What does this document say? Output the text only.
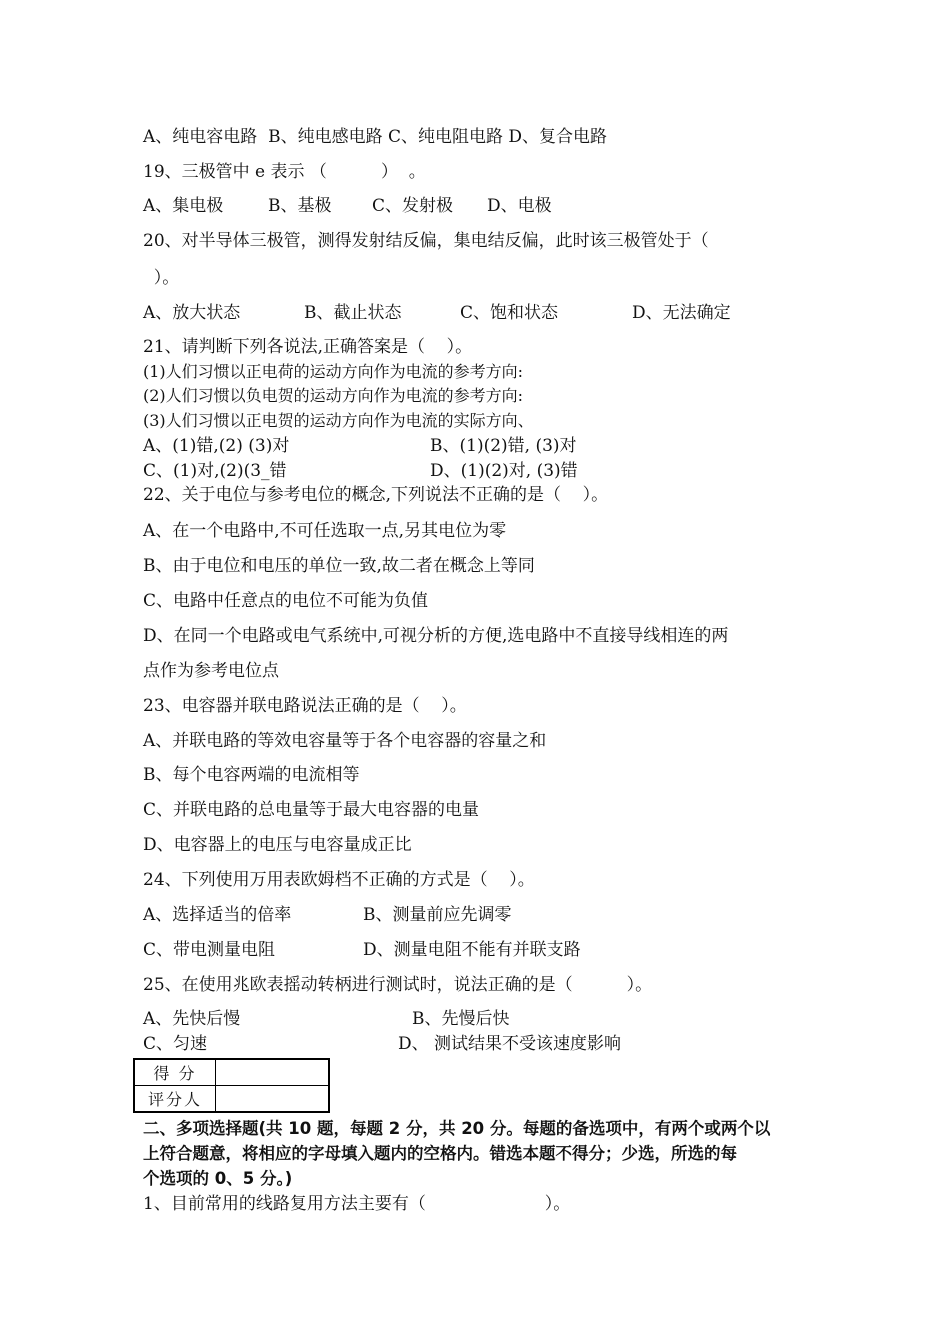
A、纯电容电路  B、纯电感电路 C、纯电阻电路 D、复合电路

19、三极管中 e 表示 （          ）  。

A、集电极	B、基极 C、发射极 D、电极

20、对半导体三极管，测得发射结反偏，集电结反偏，此时该三极管处于（

）。

A、放大状态	B、截止状态	C、饱和状态	D、无法确定

21、请判断下列各说法,正确答案是（    ）。

(1)人们习惯以正电荷的运动方向作为电流的参考方向:

(2)人们习惯以负电贺的运动方向作为电流的参考方向:

(3)人们习惯以正电贺的运动方向作为电流的实际方向、

A、(1)错,(2) (3)对	B、(1)(2)错, (3)对

C、(1)对,(2)(3_错	D、(1)(2)对, (3)错

22、关于电位与参考电位的概念,下列说法不正确的是（    ）。

A、在一个电路中,不可任选取一点,另其电位为零

B、由于电位和电压的单位一致,故二者在概念上等同

C、电路中任意点的电位不可能为负值

D、在同一个电路或电气系统中,可视分析的方便,选电路中不直接导线相连的两

点作为参考电位点

23、电容器并联电路说法正确的是（    ）。

A、并联电路的等效电容量等于各个电容器的容量之和

B、每个电容两端的电流相等

C、并联电路的总电量等于最大电容器的电量

D、电容器上的电压与电容量成正比

24、下列使用万用表欧姆档不正确的方式是（    ）。

A、选择适当的倍率	B、测量前应先调零

C、带电测量电阻	D、测量电阻不能有并联支路

25、在使用兆欧表摇动转柄进行测试时，说法正确的是（          ）。

A、先快后慢	B、先慢后快

C、匀速	D、 测试结果不受该速度影响

得 分	
评分人	

二、多项选择题(共 10 题，每题 2 分，共 20 分。每题的备选项中，有两个或两个以

上符合题意，将相应的字母填入题内的空格内。错选本题不得分；少选，所选的每

个选项的 0、5 分。)

1、目前常用的线路复用方法主要有（                      ）。
